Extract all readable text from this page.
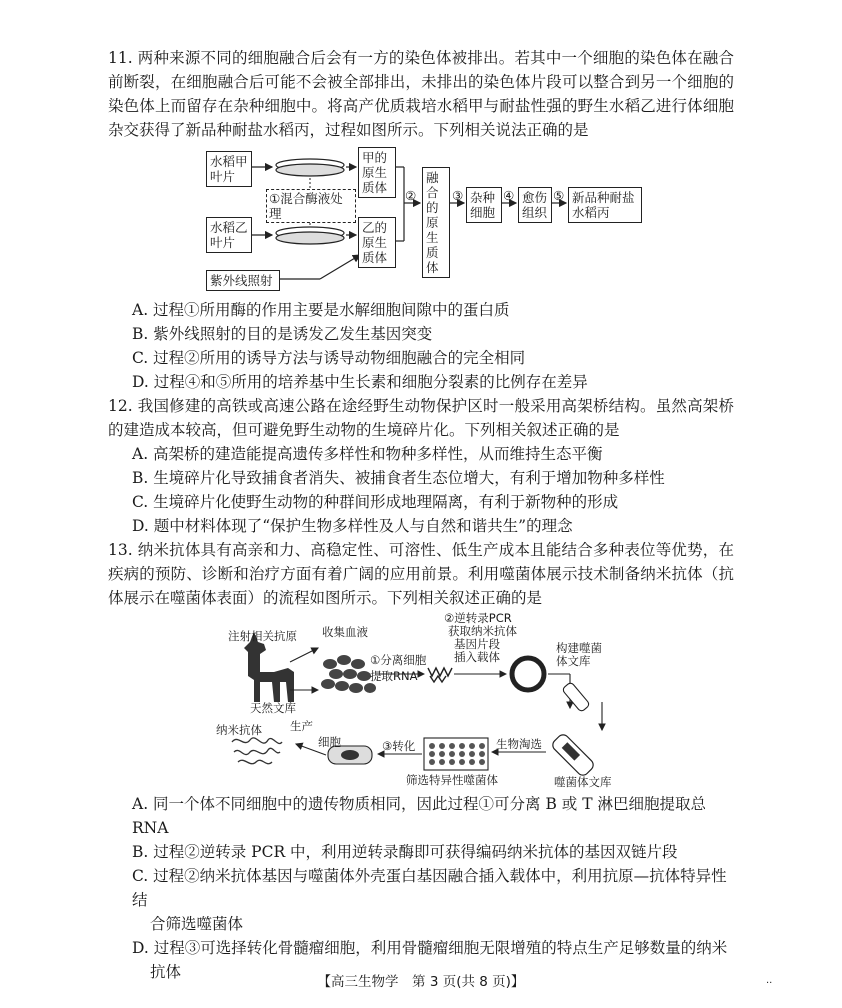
11. 两种来源不同的细胞融合后会有一方的染色体被排出。若其中一个细胞的染色体在融合前断裂，在细胞融合后可能不会被全部排出，未排出的染色体片段可以整合到另一个细胞的染色体上而留存在杂种细胞中。将高产优质栽培水稻甲与耐盐性强的野生水稻乙进行体细胞杂交获得了新品种耐盐水稻丙，过程如图所示。下列相关说法正确的是

水稻甲叶片
水稻乙叶片
①混合酶液处理
甲的原生质体
乙的原生质体
②
融合的原生质体
③ 杂种细胞
④ 愈伤组织
⑤ 新品种耐盐水稻丙
紫外线照射
A. 过程①所用酶的作用主要是水解细胞间隙中的蛋白质
B. 紫外线照射的目的是诱发乙发生基因突变
C. 过程②所用的诱导方法与诱导动物细胞融合的完全相同
D. 过程④和⑤所用的培养基中生长素和细胞分裂素的比例存在差异

12. 我国修建的高铁或高速公路在途经野生动物保护区时一般采用高架桥结构。虽然高架桥的建造成本较高，但可避免野生动物的生境碎片化。下列相关叙述正确的是

A. 高架桥的建造能提高遗传多样性和物种多样性，从而维持生态平衡
B. 生境碎片化导致捕食者消失、被捕食者生态位增大，有利于增加物种多样性
C. 生境碎片化使野生动物的种群间形成地理隔离，有利于新物种的形成
D. 题中材料体现了“保护生物多样性及人与自然和谐共生”的理念

13. 纳米抗体具有高亲和力、高稳定性、可溶性、低生产成本且能结合多种表位等优势，在疾病的预防、诊断和治疗方面有着广阔的应用前景。利用噬菌体展示技术制备纳米抗体（抗体展示在噬菌体表面）的流程如图所示。下列相关叙述正确的是

注射相关抗原 收集血液
天然文库
①分离细胞
提取RNA
②逆转录PCR
获取纳米抗体
基因片段
插入载体
构建噬菌
体文库
噬菌体文库
生物淘选
筛选特异性噬菌体
③转化
细胞
生产
纳米抗体
A. 同一个体不同细胞中的遗传物质相同，因此过程①可分离 B 或 T 淋巴细胞提取总 RNA
B. 过程②逆转录 PCR 中，利用逆转录酶即可获得编码纳米抗体的基因双链片段
C. 过程②纳米抗体基因与噬菌体外壳蛋白基因融合插入载体中，利用抗原—抗体特异性结
合筛选噬菌体
D. 过程③可选择转化骨髓瘤细胞，利用骨髓瘤细胞无限增殖的特点生产足够数量的纳米
抗体
【高三生物学　第 3 页(共 8 页)】	··
